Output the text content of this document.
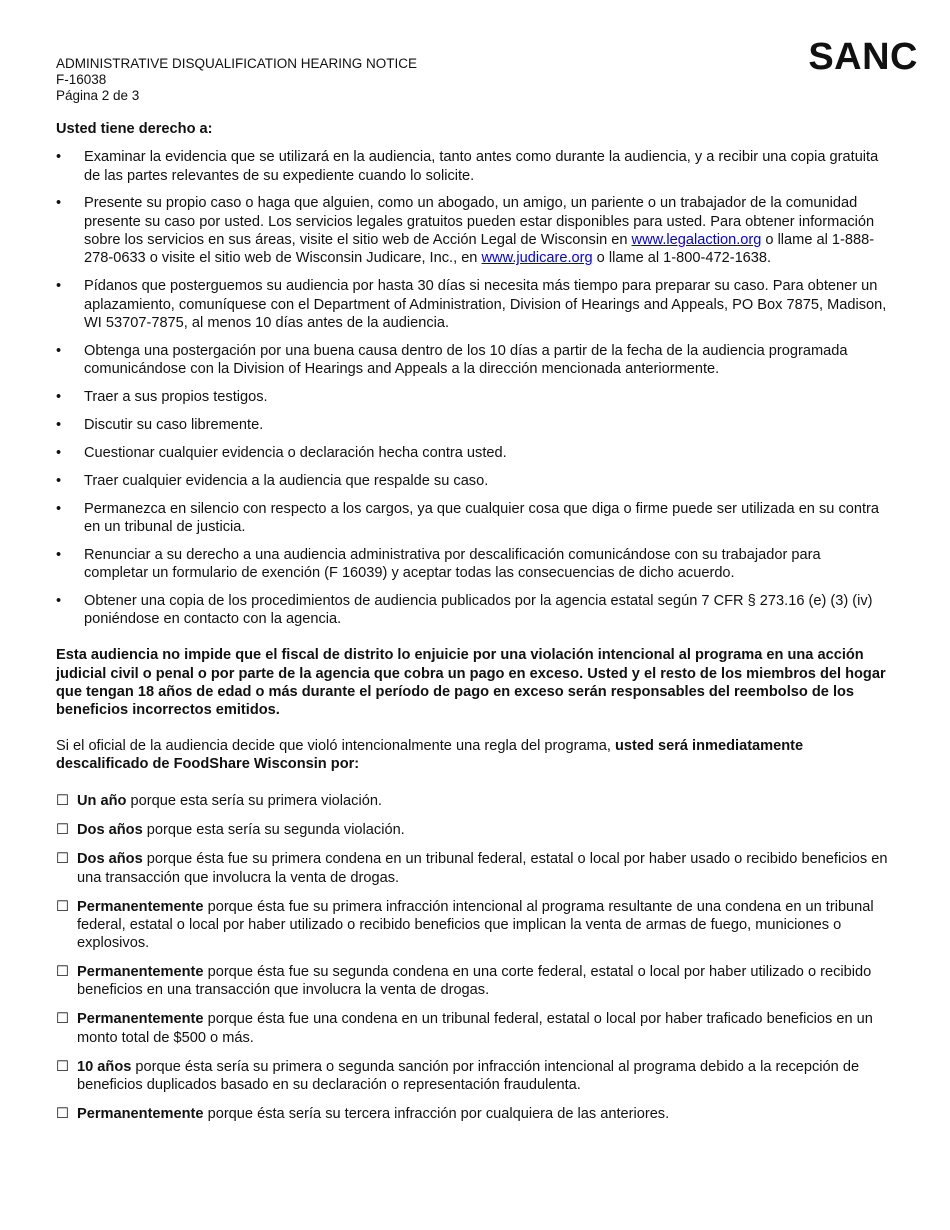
ADMINISTRATIVE DISQUALIFICATION HEARING NOTICE
F-16038
Página 2 de 3
SANC
Usted tiene derecho a:
• Examinar la evidencia que se utilizará en la audiencia, tanto antes como durante la audiencia, y a recibir una copia gratuita de las partes relevantes de su expediente cuando lo solicite.
• Presente su propio caso o haga que alguien, como un abogado, un amigo, un pariente o un trabajador de la comunidad presente su caso por usted. Los servicios legales gratuitos pueden estar disponibles para usted. Para obtener información sobre los servicios en sus áreas, visite el sitio web de Acción Legal de Wisconsin en www.legalaction.org o llame al 1-888-278-0633 o visite el sitio web de Wisconsin Judicare, Inc., en www.judicare.org o llame al 1-800-472-1638.
• Pídanos que posterguemos su audiencia por hasta 30 días si necesita más tiempo para preparar su caso. Para obtener un aplazamiento, comuníquese con el Department of Administration, Division of Hearings and Appeals, PO Box 7875, Madison, WI 53707-7875, al menos 10 días antes de la audiencia.
• Obtenga una postergación por una buena causa dentro de los 10 días a partir de la fecha de la audiencia programada comunicándose con la Division of Hearings and Appeals a la dirección mencionada anteriormente.
• Traer a sus propios testigos.
• Discutir su caso libremente.
• Cuestionar cualquier evidencia o declaración hecha contra usted.
• Traer cualquier evidencia a la audiencia que respalde su caso.
• Permanezca en silencio con respecto a los cargos, ya que cualquier cosa que diga o firme puede ser utilizada en su contra en un tribunal de justicia.
• Renunciar a su derecho a una audiencia administrativa por descalificación comunicándose con su trabajador para completar un formulario de exención (F 16039) y aceptar todas las consecuencias de dicho acuerdo.
• Obtener una copia de los procedimientos de audiencia publicados por la agencia estatal según 7 CFR § 273.16 (e) (3) (iv) poniéndose en contacto con la agencia.
Esta audiencia no impide que el fiscal de distrito lo enjuicie por una violación intencional al programa en una acción judicial civil o penal o por parte de la agencia que cobra un pago en exceso. Usted y el resto de los miembros del hogar que tengan 18 años de edad o más durante el período de pago en exceso serán responsables del reembolso de los beneficios incorrectos emitidos.
Si el oficial de la audiencia decide que violó intencionalmente una regla del programa, usted será inmediatamente descalificado de FoodShare Wisconsin por:
☐ Un año porque esta sería su primera violación.
☐ Dos años porque esta sería su segunda violación.
☐ Dos años porque ésta fue su primera condena en un tribunal federal, estatal o local por haber usado o recibido beneficios en una transacción que involucra la venta de drogas.
☐ Permanentemente porque ésta fue su primera infracción intencional al programa resultante de una condena en un tribunal federal, estatal o local por haber utilizado o recibido beneficios que implican la venta de armas de fuego, municiones o explosivos.
☐ Permanentemente porque ésta fue su segunda condena en una corte federal, estatal o local por haber utilizado o recibido beneficios en una transacción que involucra la venta de drogas.
☐ Permanentemente porque ésta fue una condena en un tribunal federal, estatal o local por haber traficado beneficios en un monto total de $500 o más.
☐ 10 años porque ésta sería su primera o segunda sanción por infracción intencional al programa debido a la recepción de beneficios duplicados basado en su declaración o representación fraudulenta.
☐ Permanentemente porque ésta sería su tercera infracción por cualquiera de las anteriores.
